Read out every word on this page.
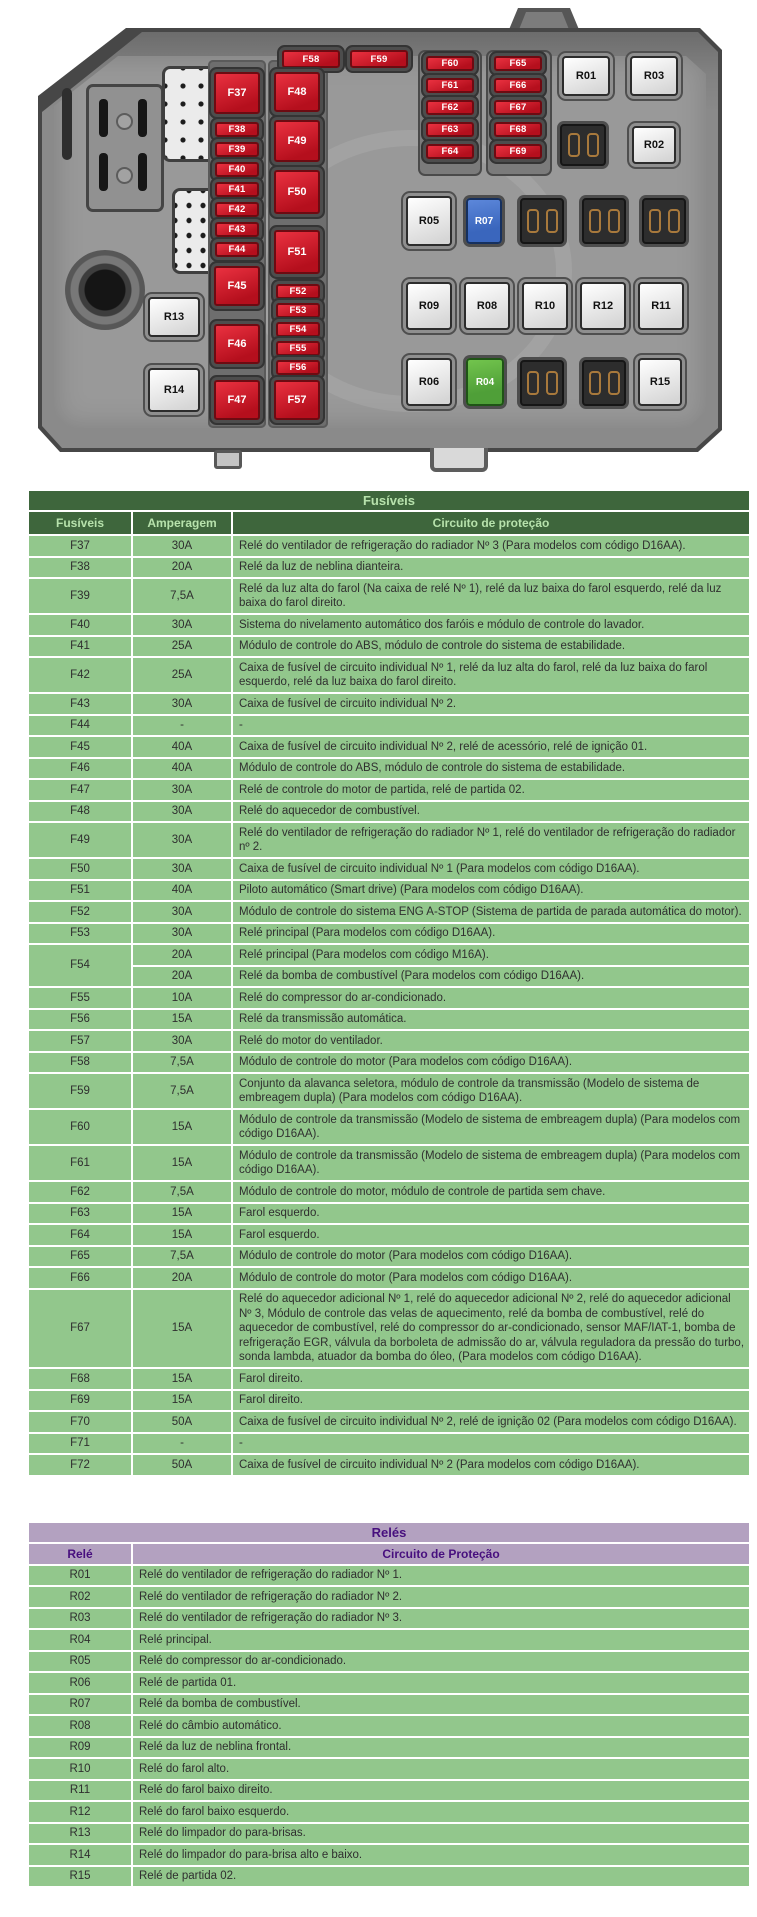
F58	F59
F37
F38
F39
F40
F41
F42
F43
F44
F45
F46
F47
F48
F49
F50
F51
F52
F53
F54
F55
F56
F57
F60
F61
F62
F63
F64
F65
F66
F67
F68
F69
R01	R03
R02
R05	R07
R09	R08	R10	R12	R11
R06	R04	R15
R13
R14
Fusíveis		
Fusíveis	Amperagem	Circuito de proteção
F37	30A	Relé do ventilador de refrigeração do radiador Nº 3 (Para modelos com código D16AA).
F38	20A	Relé da luz de neblina dianteira.
F39	7,5A	Relé da luz alta do farol (Na caixa de relé Nº 1), relé da luz baixa do farol esquerdo, relé da luz baixa do farol direito.
F40	30A	Sistema do nivelamento automático dos faróis e módulo de controle do lavador.
F41	25A	Módulo de controle do ABS, módulo de controle do sistema de estabilidade.
F42	25A	Caixa de fusível de circuito individual Nº 1, relé da luz alta do farol, relé da luz baixa do farol esquerdo, relé da luz baixa do farol direito.
F43	30A	Caixa de fusível de circuito individual Nº 2.
F44	-	-
F45	40A	Caixa de fusível de circuito individual Nº 2, relé de acessório, relé de ignição 01.
F46	40A	Módulo de controle do ABS, módulo de controle do sistema de estabilidade.
F47	30A	Relé de controle do motor de partida, relé de partida 02.
F48	30A	Relé do aquecedor de combustível.
F49	30A	Relé do ventilador de refrigeração do radiador Nº 1, relé do ventilador de refrigeração do radiador nº 2.
F50	30A	Caixa de fusível de circuito individual Nº 1 (Para modelos com código D16AA).
F51	40A	Piloto automático (Smart drive) (Para modelos com código D16AA).
F52	30A	Módulo de controle do sistema ENG A-STOP (Sistema de partida de parada automática do motor).
F53	30A	Relé principal (Para modelos com código D16AA).
F54	20A	Relé principal (Para modelos com código M16A).
	20A	Relé da bomba de combustível (Para modelos com código D16AA).
F55	10A	Relé do compressor do ar-condicionado.
F56	15A	Relé da transmissão automática.
F57	30A	Relé do motor do ventilador.
F58	7,5A	Módulo de controle do motor (Para modelos com código D16AA).
F59	7,5A	Conjunto da alavanca seletora, módulo de controle da transmissão (Modelo de sistema de embreagem dupla) (Para modelos com código D16AA).
F60	15A	Módulo de controle da transmissão (Modelo de sistema de embreagem dupla) (Para modelos com código D16AA).
F61	15A	Módulo de controle da transmissão (Modelo de sistema de embreagem dupla) (Para modelos com código D16AA).
F62	7,5A	Módulo de controle do motor, módulo de controle de partida sem chave.
F63	15A	Farol esquerdo.
F64	15A	Farol esquerdo.
F65	7,5A	Módulo de controle do motor (Para modelos com código D16AA).
F66	20A	Módulo de controle do motor (Para modelos com código D16AA).
F67	15A	Relé do aquecedor adicional Nº 1, relé do aquecedor adicional Nº 2, relé do aquecedor adicional Nº 3, Módulo de controle das velas de aquecimento, relé da bomba de combustível, relé do aquecedor de combustível, relé do compressor do ar-condicionado, sensor MAF/IAT-1, bomba de refrigeração EGR, válvula da borboleta de admissão do ar, válvula reguladora da pressão do turbo, sonda lambda, atuador da bomba do óleo, (Para modelos com código D16AA).
F68	15A	Farol direito.
F69	15A	Farol direito.
F70	50A	Caixa de fusível de circuito individual Nº 2, relé de ignição 02 (Para modelos com código D16AA).
F71	-	-
F72	50A	Caixa de fusível de circuito individual Nº 2 (Para modelos com código D16AA).
Relés	
Relé	Circuito de Proteção
R01	Relé do ventilador de refrigeração do radiador Nº 1.
R02	Relé do ventilador de refrigeração do radiador Nº 2.
R03	Relé do ventilador de refrigeração do radiador Nº 3.
R04	Relé principal.
R05	Relé do compressor do ar-condicionado.
R06	Relé de partida 01.
R07	Relé da bomba de combustível.
R08	Relé do câmbio automático.
R09	Relé da luz de neblina frontal.
R10	Relé do farol alto.
R11	Relé do farol baixo direito.
R12	Relé do farol baixo esquerdo.
R13	Relé do limpador do para-brisas.
R14	Relé do limpador do para-brisa alto e baixo.
R15	Relé de partida 02.
